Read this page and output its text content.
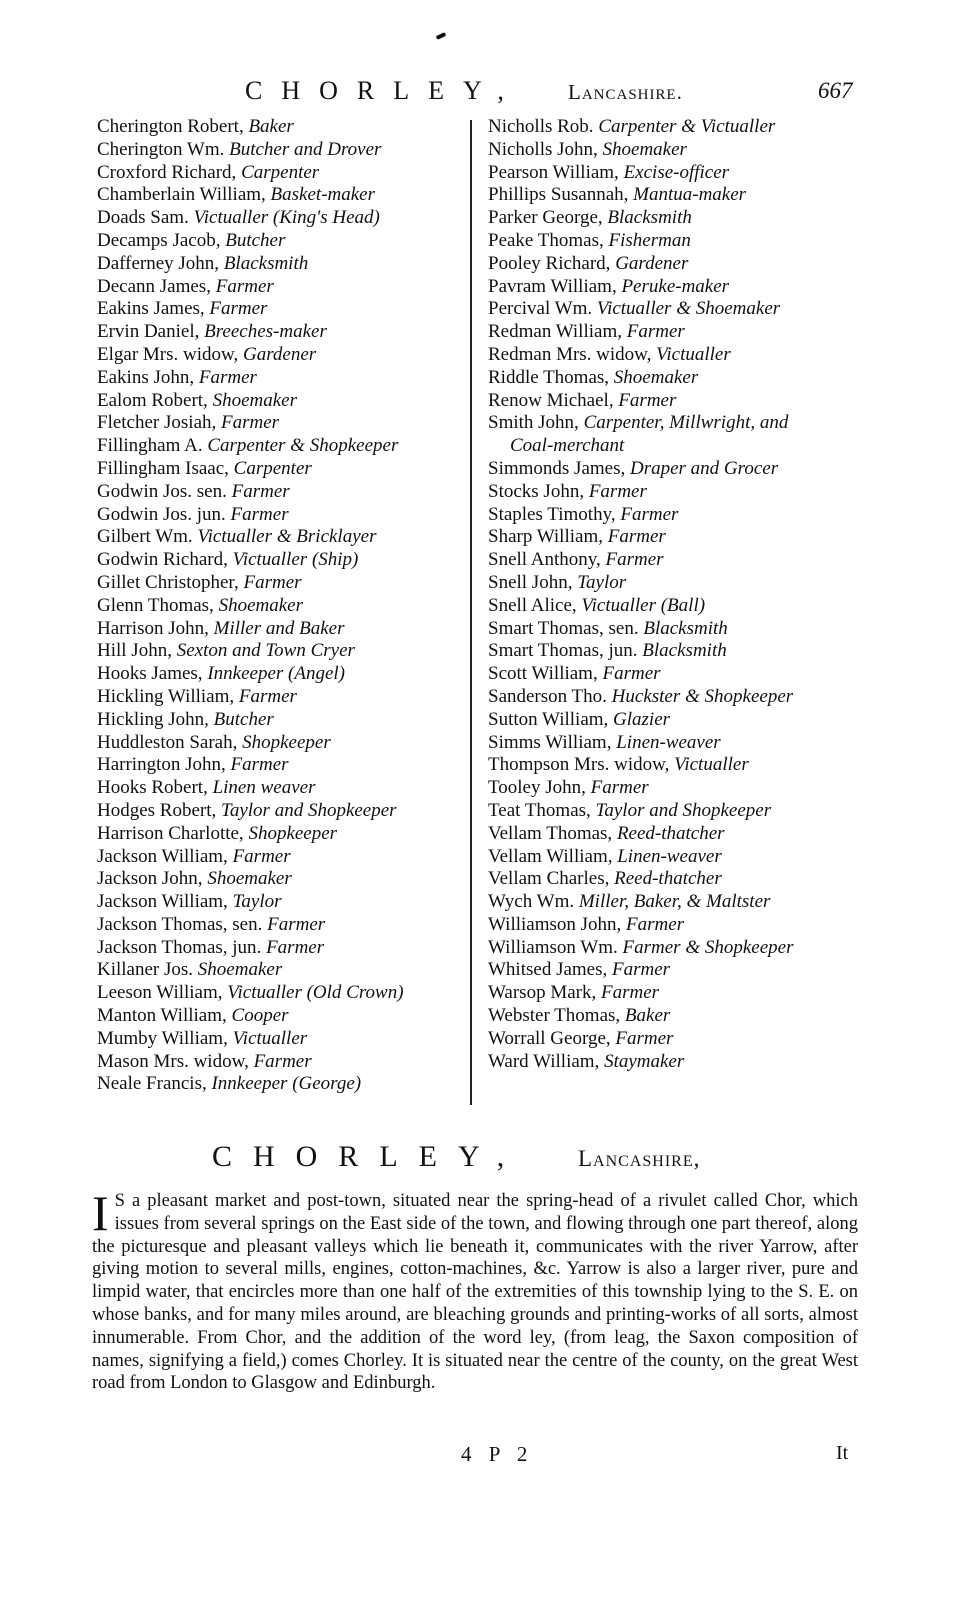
CHORLEY, Lancashire.	667
Cherington Robert, Baker
Cherington Wm. Butcher and Drover
Croxford Richard, Carpenter
Chamberlain William, Basket-maker
Doads Sam. Victualler (King's Head)
Decamps Jacob, Butcher
Dafferney John, Blacksmith
Decann James, Farmer
Eakins James, Farmer
Ervin Daniel, Breeches-maker
Elgar Mrs. widow, Gardener
Eakins John, Farmer
Ealom Robert, Shoemaker
Fletcher Josiah, Farmer
Fillingham A. Carpenter & Shopkeeper
Fillingham Isaac, Carpenter
Godwin Jos. sen. Farmer
Godwin Jos. jun. Farmer
Gilbert Wm. Victualler & Bricklayer
Godwin Richard, Victualler (Ship)
Gillet Christopher, Farmer
Glenn Thomas, Shoemaker
Harrison John, Miller and Baker
Hill John, Sexton and Town Cryer
Hooks James, Innkeeper (Angel)
Hickling William, Farmer
Hickling John, Butcher
Huddleston Sarah, Shopkeeper
Harrington John, Farmer
Hooks Robert, Linen weaver
Hodges Robert, Taylor and Shopkeeper
Harrison Charlotte, Shopkeeper
Jackson William, Farmer
Jackson John, Shoemaker
Jackson William, Taylor
Jackson Thomas, sen. Farmer
Jackson Thomas, jun. Farmer
Killaner Jos. Shoemaker
Leeson William, Victualler (Old Crown)
Manton William, Cooper
Mumby William, Victualler
Mason Mrs. widow, Farmer
Neale Francis, Innkeeper (George)
Nicholls Rob. Carpenter & Victualler
Nicholls John, Shoemaker
Pearson William, Excise-officer
Phillips Susannah, Mantua-maker
Parker George, Blacksmith
Peake Thomas, Fisherman
Pooley Richard, Gardener
Pavram William, Peruke-maker
Percival Wm. Victualler & Shoemaker
Redman William, Farmer
Redman Mrs. widow, Victualler
Riddle Thomas, Shoemaker
Renow Michael, Farmer
Smith John, Carpenter, Millwright, and
Coal-merchant
Simmonds James, Draper and Grocer
Stocks John, Farmer
Staples Timothy, Farmer
Sharp William, Farmer
Snell Anthony, Farmer
Snell John, Taylor
Snell Alice, Victualler (Ball)
Smart Thomas, sen. Blacksmith
Smart Thomas, jun. Blacksmith
Scott William, Farmer
Sanderson Tho. Huckster & Shopkeeper
Sutton William, Glazier
Simms William, Linen-weaver
Thompson Mrs. widow, Victualler
Tooley John, Farmer
Teat Thomas, Taylor and Shopkeeper
Vellam Thomas, Reed-thatcher
Vellam William, Linen-weaver
Vellam Charles, Reed-thatcher
Wych Wm. Miller, Baker, & Maltster
Williamson John, Farmer
Williamson Wm. Farmer & Shopkeeper
Whitsed James, Farmer
Warsop Mark, Farmer
Webster Thomas, Baker
Worrall George, Farmer
Ward William, Staymaker
CHORLEY, Lancashire,

I S a pleasant market and post-town, situated near the spring-head of a rivulet called Chor, which issues from several springs on the East side of the town, and flowing through one part thereof, along the picturesque and pleasant valleys which lie beneath it, communicates with the river Yarrow, after giving motion to several mills, engines, cotton-machines, &c. Yarrow is also a larger river, pure and limpid water, that encircles more than one half of the extremities of this township lying to the S. E. on whose banks, and for many miles around, are bleaching grounds and printing-works of all sorts, almost innumerable. From Chor, and the addition of the word ley, (from leag, the Saxon composition of names, signifying a field,) comes Chorley. It is situated near the centre of the county, on the great West road from London to Glasgow and Edinburgh.

4 P 2	It
